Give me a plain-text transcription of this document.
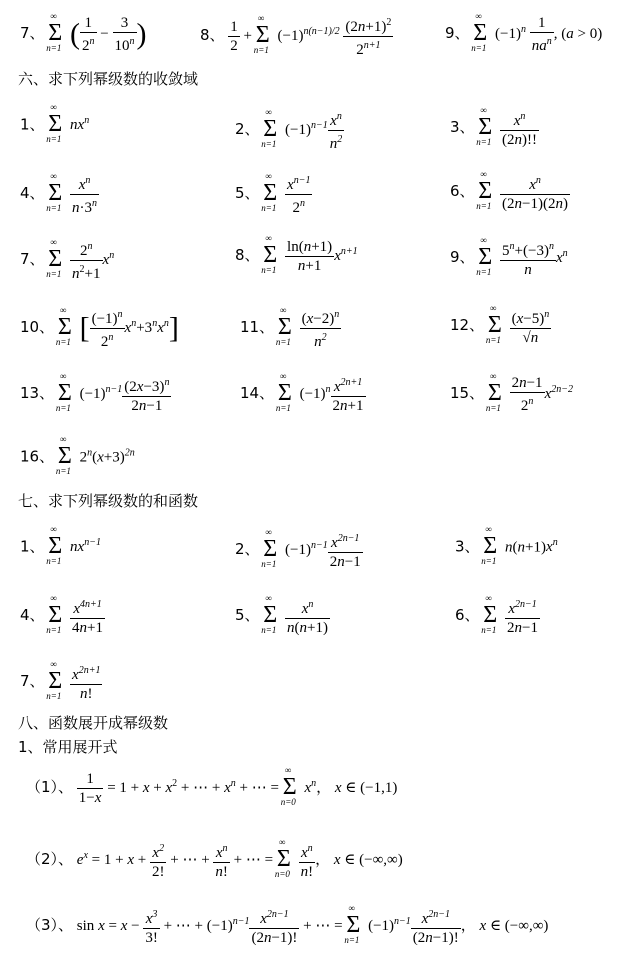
7、
∞
Σ
n=1 ( $\frac{1}{2^n} - \frac{3}{10^n}$ )	8、 $\frac{1}{2}$ +
∞
Σ
n=1
$(-1)^{n(n-1)/2} \frac{(2n+1)^2}{2^{n+1}}$	9、
∞
Σ
n=1
$(-1)^n$ 1
$na^n$ , (a > 0)
六、求下列幂级数的收敛域
1、
∞
Σ
n=1
$nx^n$	2、
∞
Σ
n=1
$(-1)^{n-1} \frac{x^n}{n^2}$	3、
∞
Σ
n=1
$\frac{x^n}{(2n)!!}$
4、
∞
Σ
n=1
$\frac{x^n}{n\cdot 3^n}$	5、
∞
Σ
n=1
$\frac{x^{n-1}}{2^n}$	6、
∞
Σ
n=1
$\frac{x^n}{(2n-1)(2n)}$
7、
∞
Σ
n=1
$\frac{2^n}{n^2+1} x^n$	8、
∞
Σ
n=1
$\frac{\ln(n+1)}{n+1} x^{n+1}$	9、
∞
Σ
n=1
$\frac{5^n+(-3)^n}{n} x^n$
10、
∞
Σ
n=1 [ $\frac{(-1)^n}{2^n} x^n+3^nx^n$]	11、
∞
Σ
n=1
$\frac{(x-2)^n}{n^2}$	12、
∞
Σ
n=1
$\frac{(x-5)^n}{√n}$
13、
∞
Σ
n=1
$(-1)^{n-1} \frac{(2x-3)^n}{2n-1}$	14、
∞
Σ
n=1
$(-1)^n \frac{x^{2n+1}}{2n+1}$	15、
∞
Σ
n=1
$\frac{2n-1}{2^n} x^{2n-2}$
16、
∞
Σ
n=1
$2^n(x+3)^{2n}$
七、求下列幂级数的和函数
1、
∞
Σ
n=1
$nx^{n-1}$	2、
∞
Σ
n=1
$(-1)^{n-1} \frac{x^{2n-1}}{2n-1}$	3、
∞
Σ
n=1
$n(n+1)x^n$
4、
∞
Σ
n=1
$\frac{x^{4n+1}}{4n+1}$	5、
∞
Σ
n=1
$\frac{x^n}{n(n+1)}$	6、
∞
Σ
n=1
$\frac{x^{2n-1}}{2n-1}$
7、
∞
Σ
n=1
$\frac{x^{2n+1}}{n!}$
八、函数展开成幂级数
1、常用展开式
（1）、 $\frac{1}{1-x} = 1 + x + x^2$ + ⋯ + $x^n$ + ⋯ =
∞
Σ
n=0
$x^n$， x ∈ (−1,1)
（2）、 $e^x = 1 + x + \frac{x^2}{2!}$ + ⋯ + $\frac{x^n}{n!}$ + ⋯ =
∞
Σ
n=0
$\frac{x^n}{n!}$ ， x ∈ (−∞,∞)
（3）、 $\sin x = x - \frac{x^3}{3!}$ + ⋯ + $(-1)^{n-1} \frac{x^{2n-1}}{(2n-1)!}$ + ⋯ =
∞
Σ
n=1
$(-1)^{n-1} \frac{x^{2n-1}}{(2n-1)!}$ ， x ∈ (−∞,∞)
